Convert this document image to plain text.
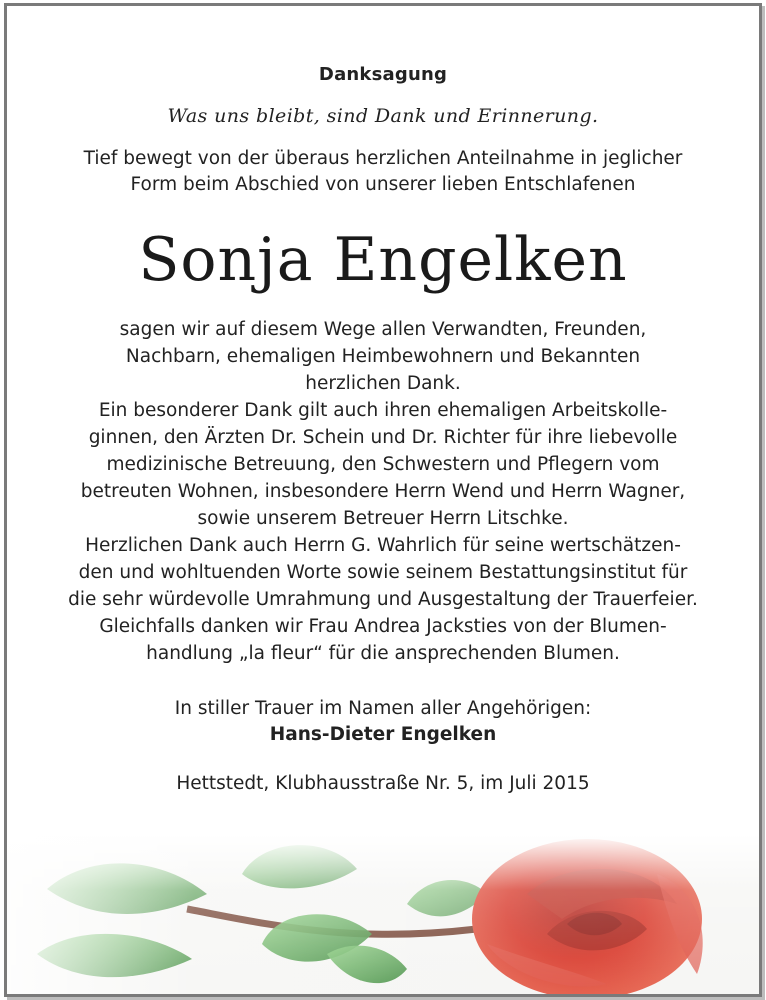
Danksagung
Was uns bleibt, sind Dank und Erinnerung.
Tief bewegt von der überaus herzlichen Anteilnahme in jeglicher
Form beim Abschied von unserer lieben Entschlafenen
Sonja Engelken
sagen wir auf diesem Wege allen Verwandten, Freunden,
Nachbarn, ehemaligen Heimbewohnern und Bekannten
herzlichen Dank.
Ein besonderer Dank gilt auch ihren ehemaligen Arbeitskolle-
ginnen, den Ärzten Dr. Schein und Dr. Richter für ihre liebevolle
medizinische Betreuung, den Schwestern und Pflegern vom
betreuten Wohnen, insbesondere Herrn Wend und Herrn Wagner,
sowie unserem Betreuer Herrn Litschke.
Herzlichen Dank auch Herrn G. Wahrlich für seine wertschätzen-
den und wohltuenden Worte sowie seinem Bestattungsinstitut für
die sehr würdevolle Umrahmung und Ausgestaltung der Trauerfeier.
Gleichfalls danken wir Frau Andrea Jacksties von der Blumen-
handlung „la fleur“ für die ansprechenden Blumen.
In stiller Trauer im Namen aller Angehörigen:
Hans-Dieter Engelken
Hettstedt, Klubhausstraße Nr. 5, im Juli 2015
